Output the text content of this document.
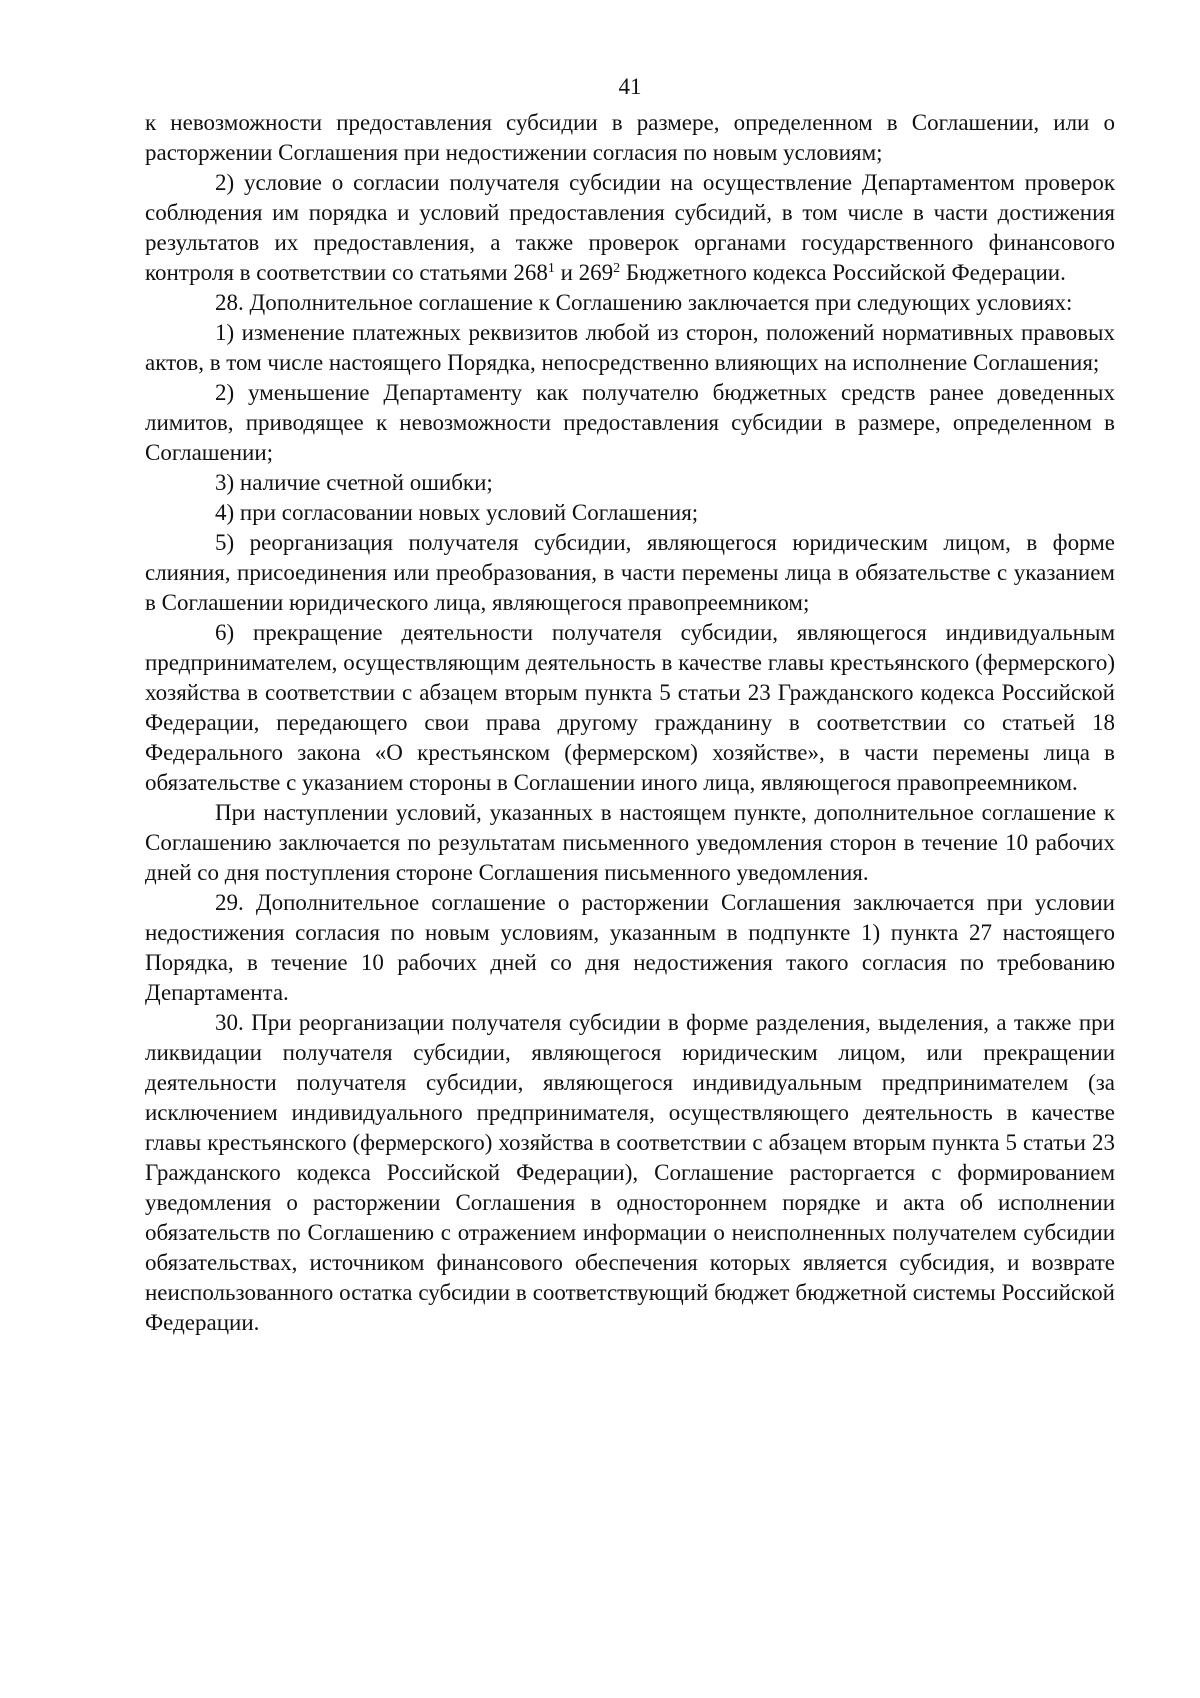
41

к невозможности предоставления субсидии в размере, определенном в Соглашении, или о расторжении Соглашения при недостижении согласия по новым условиям;

2) условие о согласии получателя субсидии на осуществление Департаментом проверок соблюдения им порядка и условий предоставления субсидий, в том числе в части достижения результатов их предоставления, а также проверок органами государственного финансового контроля в соответствии со статьями $268^1$ и $269^2$ Бюджетного кодекса Российской Федерации.

28. Дополнительное соглашение к Соглашению заключается при следующих условиях:

1) изменение платежных реквизитов любой из сторон, положений нормативных правовых актов, в том числе настоящего Порядка, непосредственно влияющих на исполнение Соглашения;

2) уменьшение Департаменту как получателю бюджетных средств ранее доведенных лимитов, приводящее к невозможности предоставления субсидии в размере, определенном в Соглашении;

3) наличие счетной ошибки;

4) при согласовании новых условий Соглашения;

5) реорганизация получателя субсидии, являющегося юридическим лицом, в форме слияния, присоединения или преобразования, в части перемены лица в обязательстве с указанием в Соглашении юридического лица, являющегося правопреемником;

6) прекращение деятельности получателя субсидии, являющегося индивидуальным предпринимателем, осуществляющим деятельность в качестве главы крестьянского (фермерского) хозяйства в соответствии с абзацем вторым пункта 5 статьи 23 Гражданского кодекса Российской Федерации, передающего свои права другому гражданину в соответствии со статьей 18 Федерального закона «О крестьянском (фермерском) хозяйстве», в части перемены лица в обязательстве с указанием стороны в Соглашении иного лица, являющегося правопреемником.

При наступлении условий, указанных в настоящем пункте, дополнительное соглашение к Соглашению заключается по результатам письменного уведомления сторон в течение 10 рабочих дней со дня поступления стороне Соглашения письменного уведомления.

29. Дополнительное соглашение о расторжении Соглашения заключается при условии недостижения согласия по новым условиям, указанным в подпункте 1) пункта 27 настоящего Порядка, в течение 10 рабочих дней со дня недостижения такого согласия по требованию Департамента.

30. При реорганизации получателя субсидии в форме разделения, выделения, а также при ликвидации получателя субсидии, являющегося юридическим лицом, или прекращении деятельности получателя субсидии, являющегося индивидуальным предпринимателем (за исключением индивидуального предпринимателя, осуществляющего деятельность в качестве главы крестьянского (фермерского) хозяйства в соответствии с абзацем вторым пункта 5 статьи 23 Гражданского кодекса Российской Федерации), Соглашение расторгается с формированием уведомления о расторжении Соглашения в одностороннем порядке и акта об исполнении обязательств по Соглашению с отражением информации о неисполненных получателем субсидии обязательствах, источником финансового обеспечения которых является субсидия, и возврате неиспользованного остатка субсидии в соответствующий бюджет бюджетной системы Российской Федерации.
